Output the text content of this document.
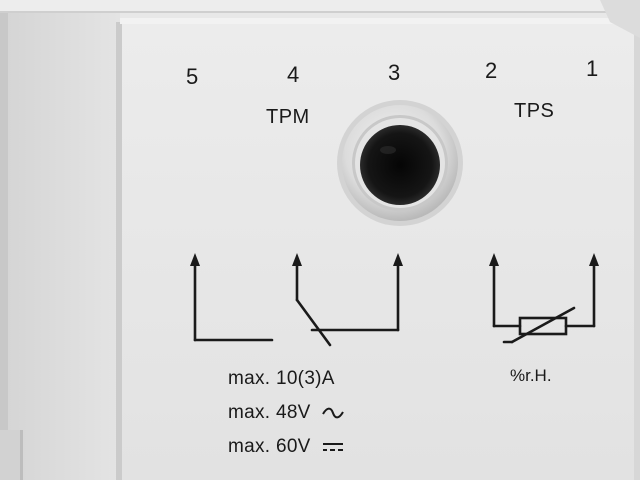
5	4	3	2	1
TPM	TPS
%r.H.
max. 10(3)A
max. 48V
max. 60V
